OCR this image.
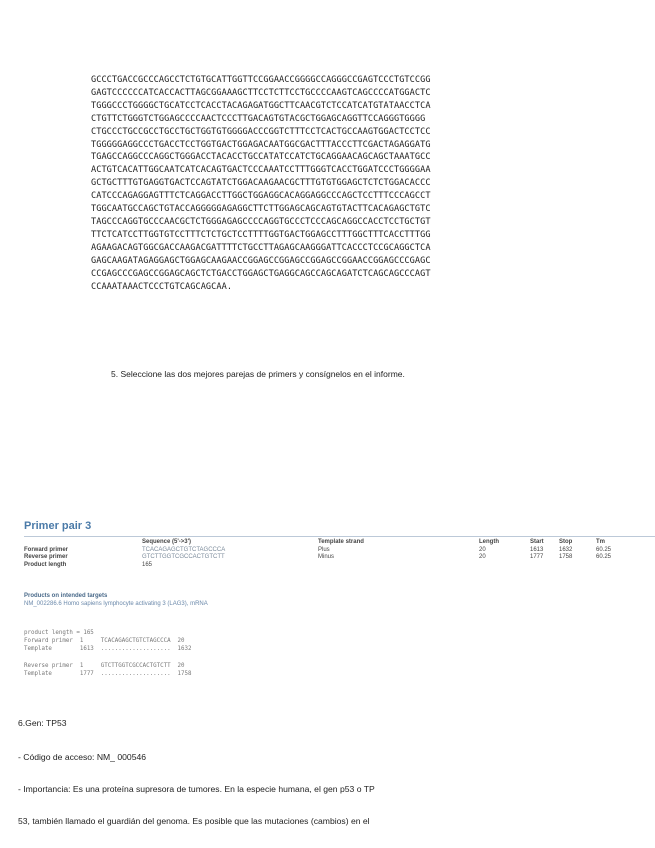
GCCCTGACCGCCCAGCCTCTGTGCATTGGTTCCGGAACCGGGGCCAGGGCCGAGTCCCTGTCCGG
GAGTCCCCCCATCACCACTTAGCGGAAAGCTTCCTCTTCCTGCCCCAAGTCAGCCCCATGGACTC
TGGGCCCTGGGGCTGCATCCTCACCTACAGAGATGGCTTCAACGTCTCCATCATGTATAACCTCA
CTGTTCTGGGTCTGGAGCCCCAACTCCCTTGACAGTGTACGCTGGAGCAGGTTCCAGGGTGGGG
CTGCCCTGCCGCCTGCCTGCTGGTGTGGGGACCCGGTCTTTCCTCACTGCCAAGTGGACTCCTCC
TGGGGGAGGCCCTGACCTCCTGGTGACTGGAGACAATGGCGACTTTACCCTTCGACTAGAGGATG
TGAGCCAGGCCCAGGCTGGGACCTACACCTGCCATATCCATCTGCAGGAACAGCAGCTAAATGCC
ACTGTCACATTGGCAATCATCACAGTGACTCCCAAATCCTTTGGGTCACCTGGATCCCTGGGGAA
GCTGCTTTGTGAGGTGACTCCAGTATCTGGACAAGAACGCTTTGTGTGGAGCTCTCTGGACACCC
CATCCCAGAGGAGTTTCTCAGGACCTTGGCTGGAGGCACAGGAGGCCCAGCTCCTTTCCCAGCCT
TGGCAATGCCAGCTGTACCAGGGGGAGAGGCTTCTTGGAGCAGCAGTGTACTTCACAGAGCTGTC
TAGCCCAGGTGCCCAACGCTCTGGGAGAGCCCCAGGTGCCCTCCCAGCAGGCCACCTCCTGCTGT
TTCTCATCCTTGGTGTCCTTTCTCTGCTCCTTTTGGTGACTGGAGCCTTTGGCTTTCACCTTTGG
AGAAGACAGTGGCGACCAAGACGATTTTCTGCCTTAGAGCAAGGGATTCACCCTCCGCAGGCTCA
GAGCAAGATAGAGGAGCTGGAGCAAGAACCGGAGCCGGAGCCGGAGCCGGAACCGGAGCCCGAGC
CCGAGCCCGAGCCGGAGCAGCTCTGACCTGGAGCTGAGGCAGCCAGCAGATCTCAGCAGCCCAGT
CCAAATAAACTCCCTGTCAGCAGCAA.
5. Seleccione las dos mejores parejas de primers y consígnelos en el informe.
Primer pair 3
Sequence (5'->3')	Template strand	Length	Start	Stop	Tm
Forward primer	TCACAGAGCTGTCTAGCCCA	Plus	20	1613	1632	60.25
Reverse primer	GTCTTGGTCGCCACTGTCTT	Minus	20	1777	1758	60.25
Product length	165
Products on intended targets
NM_002286.6 Homo sapiens lymphocyte activating 3 (LAG3), mRNA
product length = 165
Forward primer  1     TCACAGAGCTGTCTAGCCCA  20
Template        1613  ....................  1632
Reverse primer  1     GTCTTGGTCGCCACTGTCTT  20
Template        1777  ....................  1758
6.Gen: TP53
- Código de acceso: NM_ 000546
- Importancia: Es una proteína supresora de tumores. En la especie humana, el gen p53 o TP
53, también llamado el guardián del genoma. Es posible que las mutaciones (cambios) en el
